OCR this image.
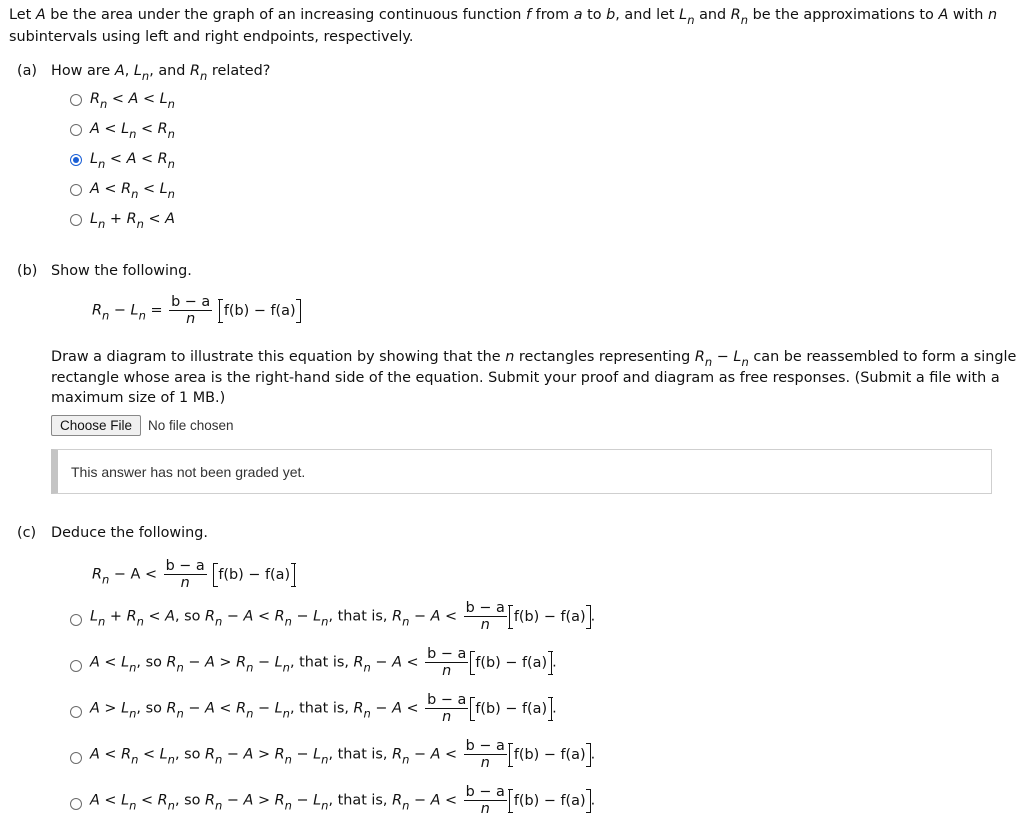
Let A be the area under the graph of an increasing continuous function f from a to b, and let $L_n$ and $R_n$ be the approximations to A with n
subintervals using left and right endpoints, respectively.
(a) How are A, $L_n$, and $R_n$ related?
$R_n < A < L_n$
$A < L_n < R_n$
$L_n < A < R_n$
$A < R_n < L_n$
$L_n + R_n < A$
(b) Show the following.
$R_n - L_n = \frac{b - a}{n} f(b) - f(a)$
Draw a diagram to illustrate this equation by showing that the n rectangles representing $R_n - L_n$ can be reassembled to form a single
rectangle whose area is the right-hand side of the equation. Submit your proof and diagram as free responses. (Submit a file with a
maximum size of 1 MB.)
Choose File	No file chosen
This answer has not been graded yet.
(c) Deduce the following.
$R_n - A < \frac{b - a}{n} f(b) - f(a)$
$L_n + R_n < A$, so $R_n - A < R_n - L_n$, that is, $R_n - A < \frac{b - a}{n} f(b) - f(a)$ .
$A < L_n$, so $R_n - A > R_n - L_n$, that is, $R_n - A < \frac{b - a}{n} f(b) - f(a)$ .
$A > L_n$, so $R_n - A < R_n - L_n$, that is, $R_n - A < \frac{b - a}{n} f(b) - f(a)$ .
$A < R_n < L_n$, so $R_n - A > R_n - L_n$, that is, $R_n - A < \frac{b - a}{n} f(b) - f(a)$ .
$A < L_n < R_n$, so $R_n - A > R_n - L_n$, that is, $R_n - A < \frac{b - a}{n} f(b) - f(a)$ .
